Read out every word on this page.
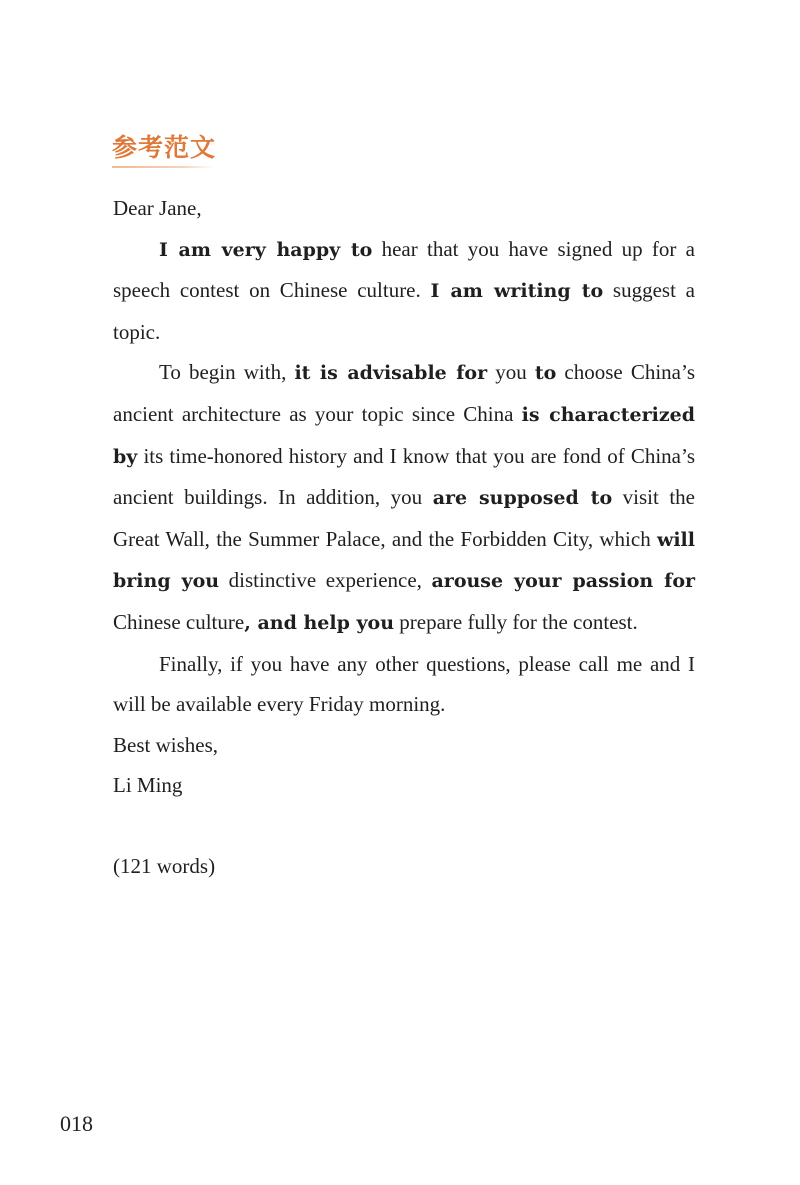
参考范文

Dear Jane,

I am very happy to hear that you have signed up for a speech contest on Chinese culture. I am writing to suggest a topic.

To begin with, it is advisable for you to choose China’s ancient architecture as your topic since China is characterized by its time-honored history and I know that you are fond of China’s ancient buildings. In addition, you are supposed to visit the Great Wall, the Summer Palace, and the Forbidden City, which will bring you distinctive experience, arouse your passion for Chinese culture, and help you prepare fully for the contest.

Finally, if you have any other questions, please call me and I will be available every Friday morning.

Best wishes,

Li Ming

(121 words)

018
